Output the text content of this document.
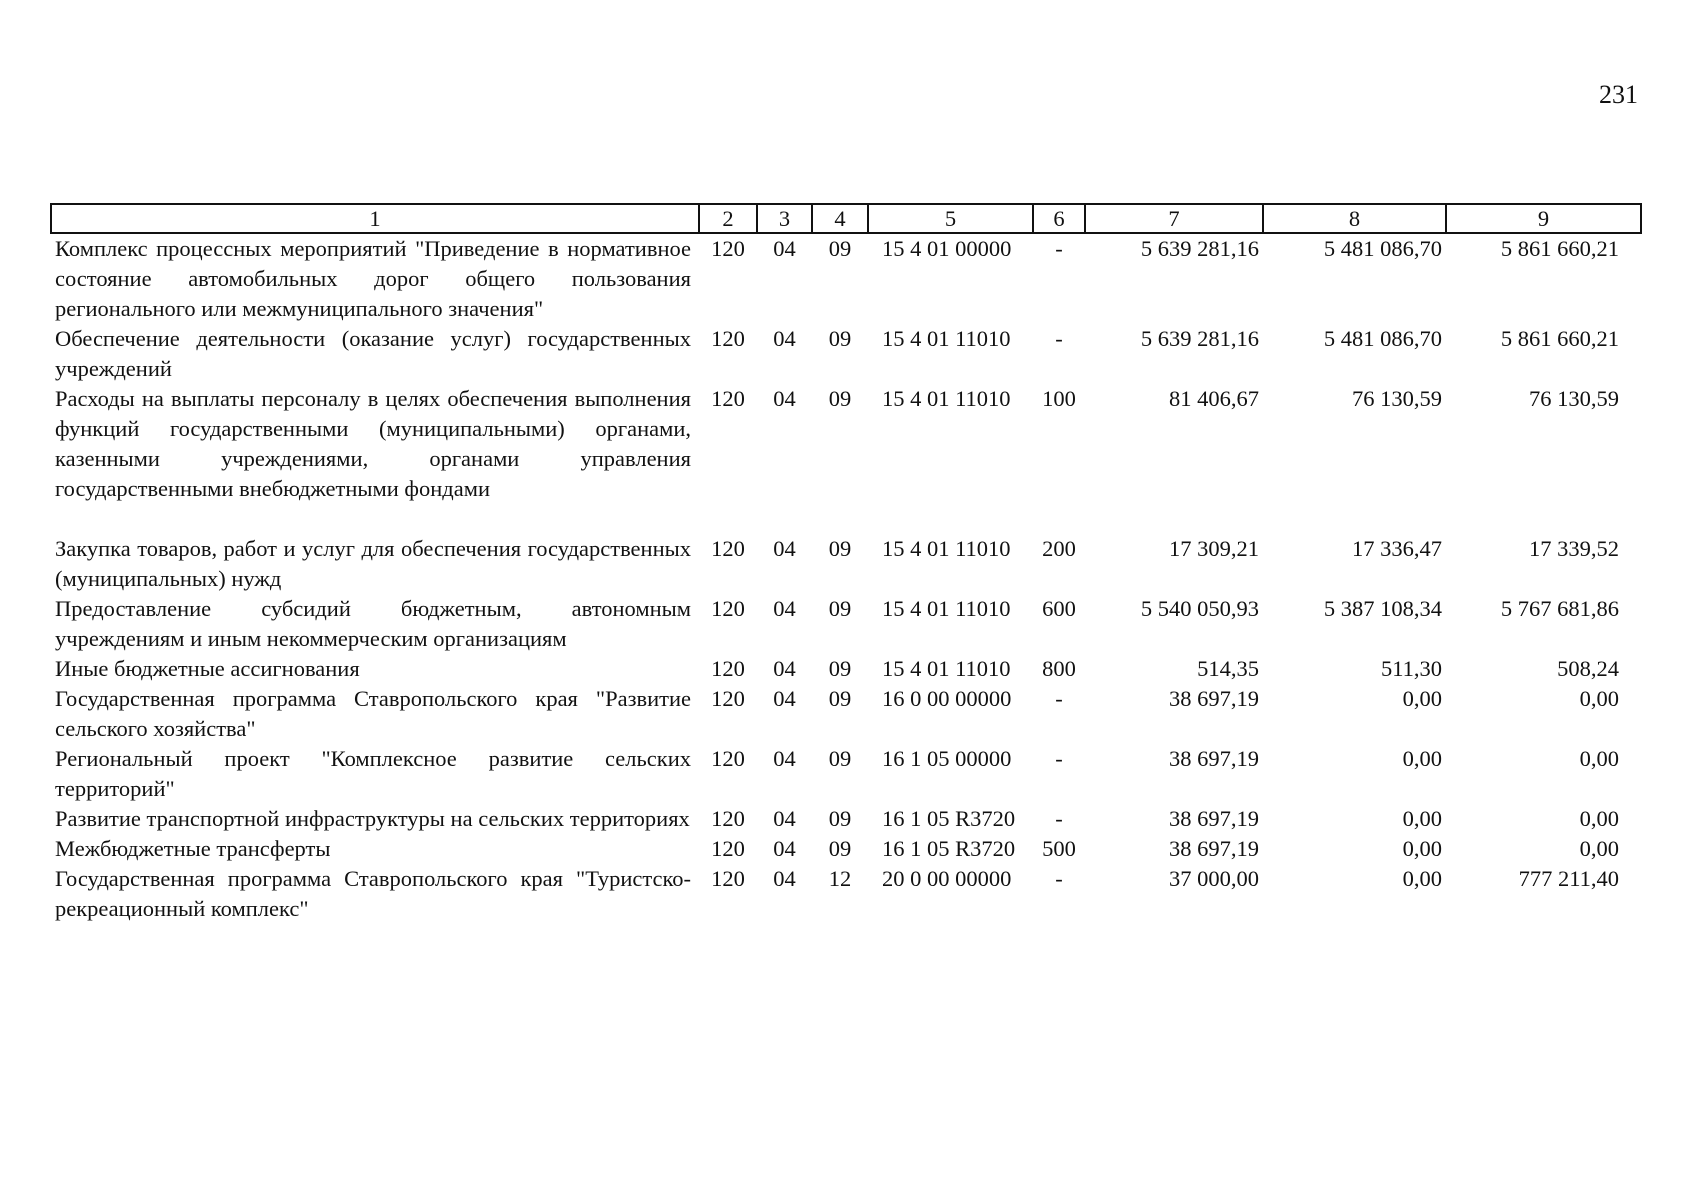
231
1	2	3	4	5	6	7	8	9
Комплекс процессных мероприятий "Приведение в нормативное состояние автомобильных дорог общего пользования регионального или межмуниципального значения"	120	04	09	15 4 01 00000	-	5 639 281,16	5 481 086,70	5 861 660,21
Обеспечение деятельности (оказание услуг) государственных учреждений	120	04	09	15 4 01 11010	-	5 639 281,16	5 481 086,70	5 861 660,21
Расходы на выплаты персоналу в целях обеспечения выполнения функций государственными (муниципальными) органами, казенными учреждениями, органами управления государственными внебюджетными фондами	120	04	09	15 4 01 11010	100	81 406,67	76 130,59	76 130,59
Закупка товаров, работ и услуг для обеспечения государственных (муниципальных) нужд	120	04	09	15 4 01 11010	200	17 309,21	17 336,47	17 339,52
Предоставление субсидий бюджетным, автономным учреждениям и иным некоммерческим организациям	120	04	09	15 4 01 11010	600	5 540 050,93	5 387 108,34	5 767 681,86
Иные бюджетные ассигнования	120	04	09	15 4 01 11010	800	514,35	511,30	508,24
Государственная программа Ставропольского края "Развитие сельского хозяйства"	120	04	09	16 0 00 00000	-	38 697,19	0,00	0,00
Региональный проект "Комплексное развитие сельских территорий"	120	04	09	16 1 05 00000	-	38 697,19	0,00	0,00
Развитие транспортной инфраструктуры на сельских территориях	120	04	09	16 1 05 R3720	-	38 697,19	0,00	0,00
Межбюджетные трансферты	120	04	09	16 1 05 R3720	500	38 697,19	0,00	0,00
Государственная программа Ставропольского края "Туристско-рекреационный комплекс"	120	04	12	20 0 00 00000	-	37 000,00	0,00	777 211,40
